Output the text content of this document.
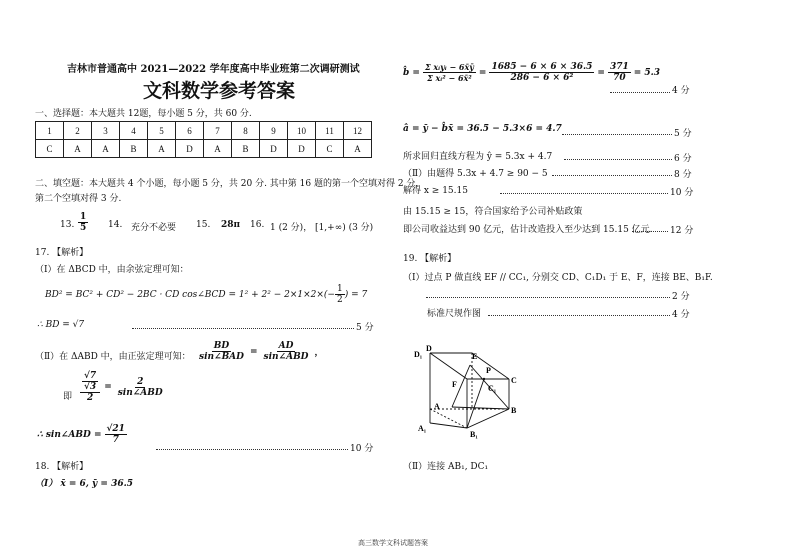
吉林市普通高中 2021—2022 学年度高中毕业班第二次调研测试
文科数学参考答案
一、选择题：本大题共 12题，每小题 5 分，共 60 分.
1	2	3	4	5	6	7	8	9	10	11	12
C	A	A	B	A	D	A	B	D	D	C	A
二、填空题：本大题共 4 个小题，每小题 5 分，共 20 分. 其中第 16 题的第一个空填对得 2 分，
第二个空填对得 3 分.
13. $\frac{1}{5} 14$. 充分不必要 15. 28π 16. 1 (2 分)， [1,+∞) (3 分)
17. 【解析】
（Ⅰ）在 ΔBCD 中，由余弦定理可知：
BD² = BC² + CD² − 2BC · CD cos∠BCD = $1^2 + 2^2 - 2\times 1\times 2\times(- \frac{1}{2}$ ) = 7
∴ BD = √7	5 分
（Ⅱ）在 ΔABD 中，由正弦定理可知： $\frac{BD}{\text{sin∠BAD}} = \frac{AD}{\text{sin∠ABD}}$ ，
即 $\frac{\frac{√7}{√3}}{2} = \frac{2}{\text{sin∠ABD}}$
∴ sin∠ABD = $\frac{√21}{7}$
10 分
18. 【解析】
（Ⅰ） x̄ = 6, ȳ = 36.5
b̂ = $\frac{\text{Σ xᵢyᵢ − 6x̄ȳ}}{\text{Σ xᵢ² − 6x̄²}} = \frac{1685 - 6 \times 6 \times 36.5}{\text{286 − 6 × 6²}} = \frac{371}{70} = 5.3$
4 分
â = ȳ − b̂x̄ = 36.5 − 5.3×6 = 4.7	5 分
所求回归直线方程为 ŷ = 5.3x + 4.7	6 分
（Ⅱ）由题得 5.3x + 4.7 ≥ 90 − 5	8 分
解得 x ≥ 15.15	10 分
由 15.15 ≥ 15，符合国家给予公司补贴政策
即公司收益达到 90 亿元，估计改造投入至少达到 15.15 亿元. 12 分
19. 【解析】
（Ⅰ）过点 P 做直线 EF // CC₁, 分别交 CD、C₁D₁ 于 E、F，连接 BE、B₁F.
2 分
标准尺规作图	4 分
D₁
D
E
P
C₁
C
F
A	B
A₁
B₁
（Ⅱ）连接 AB₁, DC₁
高三数学文科试题答案
